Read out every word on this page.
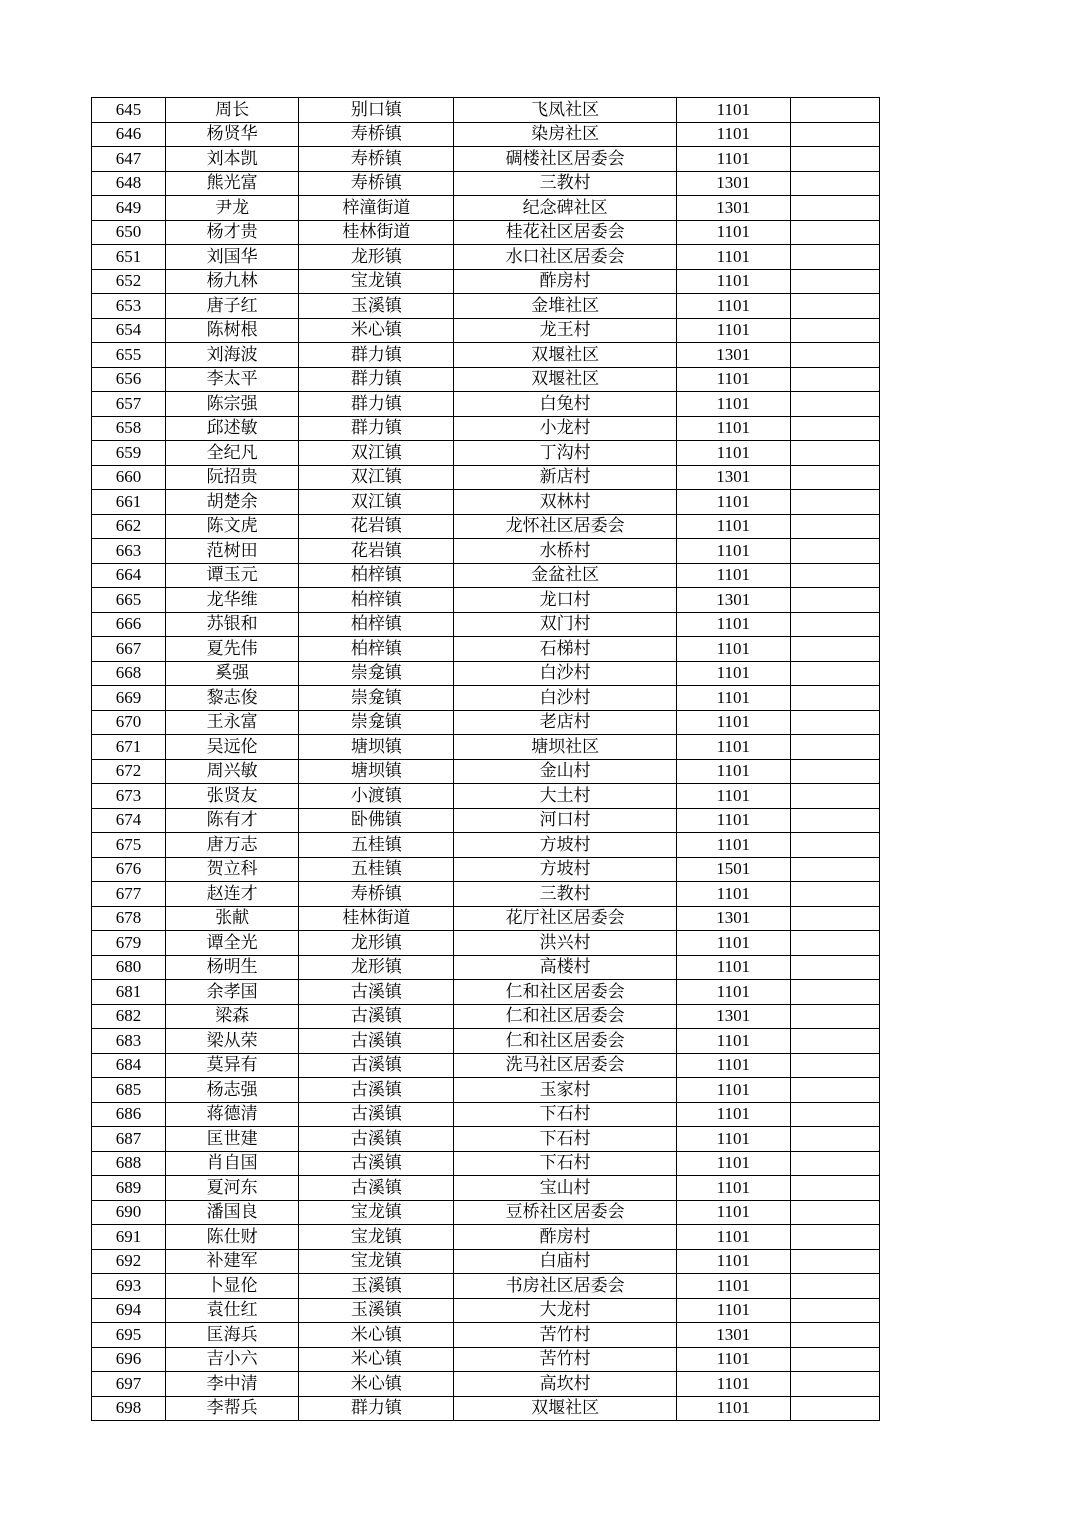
645	周长	别口镇	飞凤社区	1101	
646	杨贤华	寿桥镇	染房社区	1101	
647	刘本凯	寿桥镇	碉楼社区居委会	1101	
648	熊光富	寿桥镇	三教村	1301	
649	尹龙	梓潼街道	纪念碑社区	1301	
650	杨才贵	桂林街道	桂花社区居委会	1101	
651	刘国华	龙形镇	水口社区居委会	1101	
652	杨九林	宝龙镇	酢房村	1101	
653	唐子红	玉溪镇	金堆社区	1101	
654	陈树根	米心镇	龙王村	1101	
655	刘海波	群力镇	双堰社区	1301	
656	李太平	群力镇	双堰社区	1101	
657	陈宗强	群力镇	白兔村	1101	
658	邱述敏	群力镇	小龙村	1101	
659	全纪凡	双江镇	丁沟村	1101	
660	阮招贵	双江镇	新店村	1301	
661	胡楚余	双江镇	双林村	1101	
662	陈文虎	花岩镇	龙怀社区居委会	1101	
663	范树田	花岩镇	水桥村	1101	
664	谭玉元	柏梓镇	金盆社区	1101	
665	龙华维	柏梓镇	龙口村	1301	
666	苏银和	柏梓镇	双门村	1101	
667	夏先伟	柏梓镇	石梯村	1101	
668	奚强	崇龛镇	白沙村	1101	
669	黎志俊	崇龛镇	白沙村	1101	
670	王永富	崇龛镇	老店村	1101	
671	吴远伦	塘坝镇	塘坝社区	1101	
672	周兴敏	塘坝镇	金山村	1101	
673	张贤友	小渡镇	大土村	1101	
674	陈有才	卧佛镇	河口村	1101	
675	唐万志	五桂镇	方坡村	1101	
676	贺立科	五桂镇	方坡村	1501	
677	赵连才	寿桥镇	三教村	1101	
678	张献	桂林街道	花厅社区居委会	1301	
679	谭全光	龙形镇	洪兴村	1101	
680	杨明生	龙形镇	高楼村	1101	
681	余孝国	古溪镇	仁和社区居委会	1101	
682	梁森	古溪镇	仁和社区居委会	1301	
683	梁从荣	古溪镇	仁和社区居委会	1101	
684	莫异有	古溪镇	洗马社区居委会	1101	
685	杨志强	古溪镇	玉家村	1101	
686	蒋德清	古溪镇	下石村	1101	
687	匡世建	古溪镇	下石村	1101	
688	肖自国	古溪镇	下石村	1101	
689	夏河东	古溪镇	宝山村	1101	
690	潘国良	宝龙镇	豆桥社区居委会	1101	
691	陈仕财	宝龙镇	酢房村	1101	
692	补建军	宝龙镇	白庙村	1101	
693	卜显伦	玉溪镇	书房社区居委会	1101	
694	袁仕红	玉溪镇	大龙村	1101	
695	匡海兵	米心镇	苦竹村	1301	
696	吉小六	米心镇	苦竹村	1101	
697	李中清	米心镇	高坎村	1101	
698	李帮兵	群力镇	双堰社区	1101	
